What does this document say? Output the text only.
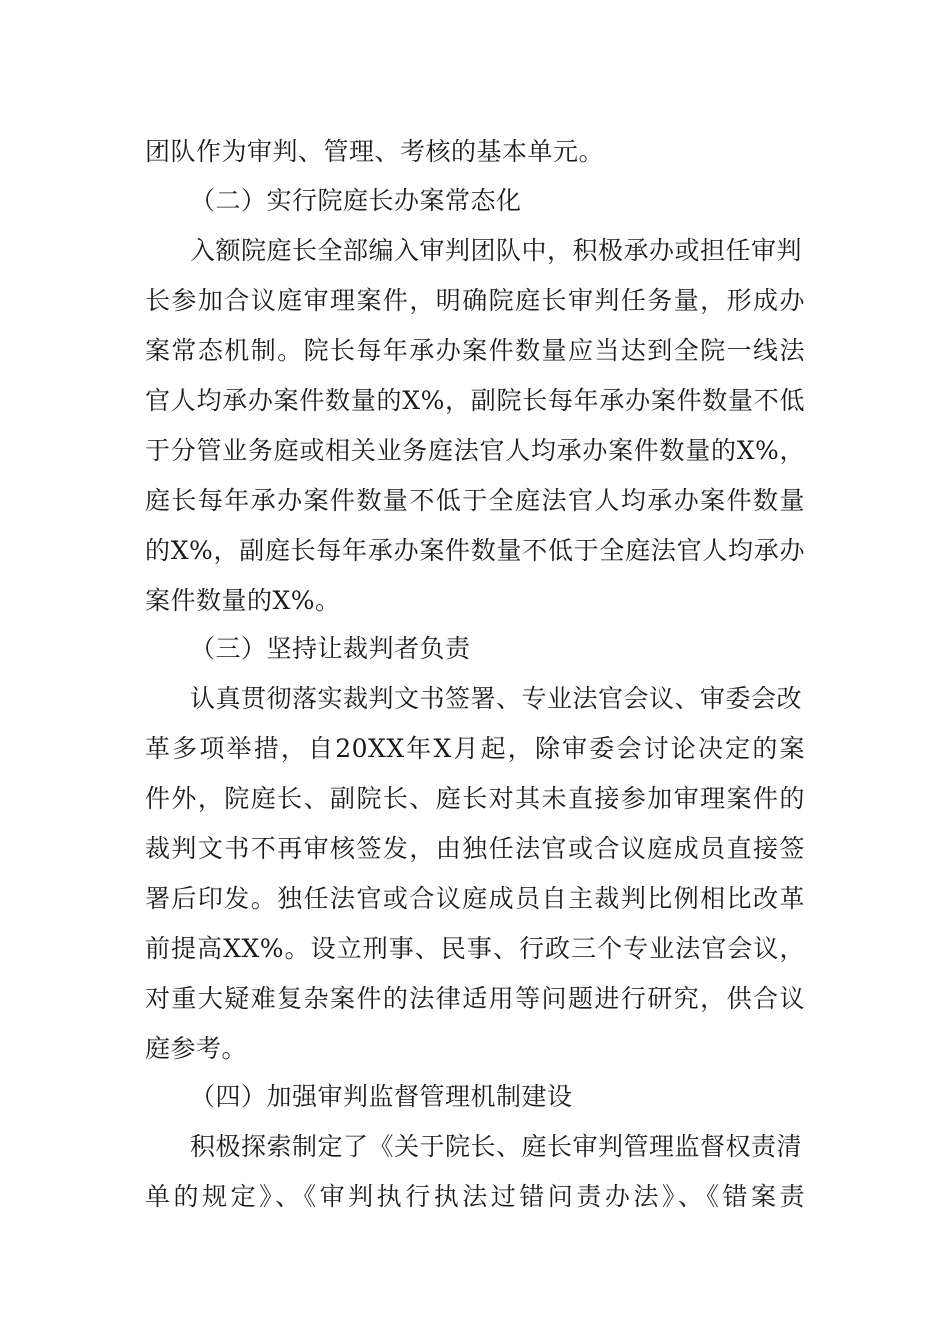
团队作为审判、管理、考核的基本单元。
（二）实行院庭长办案常态化
入额院庭长全部编入审判团队中，积极承办或担任审判
长参加合议庭审理案件，明确院庭长审判任务量，形成办
案常态机制。院长每年承办案件数量应当达到全院一线法
官人均承办案件数量的X%，副院长每年承办案件数量不低
于分管业务庭或相关业务庭法官人均承办案件数量的X%，
庭长每年承办案件数量不低于全庭法官人均承办案件数量
的X%，副庭长每年承办案件数量不低于全庭法官人均承办
案件数量的X%。
（三）坚持让裁判者负责
认真贯彻落实裁判文书签署、专业法官会议、审委会改
革多项举措，自20XX年X月起，除审委会讨论决定的案
件外，院庭长、副院长、庭长对其未直接参加审理案件的
裁判文书不再审核签发，由独任法官或合议庭成员直接签
署后印发。独任法官或合议庭成员自主裁判比例相比改革
前提高XX%。设立刑事、民事、行政三个专业法官会议，
对重大疑难复杂案件的法律适用等问题进行研究，供合议
庭参考。
（四）加强审判监督管理机制建设
积极探索制定了《关于院长、庭长审判管理监督权责清
单的规定》、《审判执行执法过错问责办法》、《错案责
